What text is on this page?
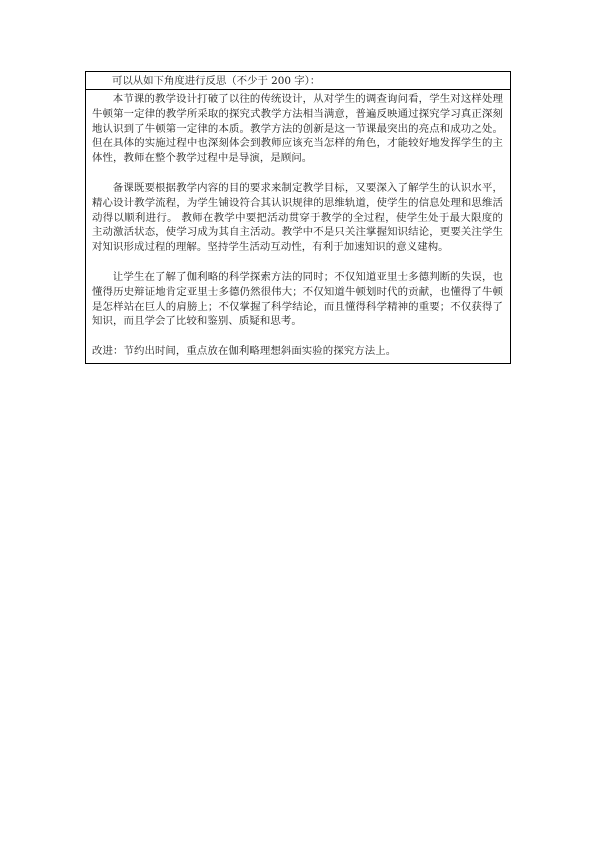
可以从如下角度进行反思（不少于 200 字）：

本节课的教学设计打破了以往的传统设计，从对学生的调查询问看，学生对这样处理牛顿第一定律的教学所采取的探究式教学方法相当满意，普遍反映通过探究学习真正深刻地认识到了牛顿第一定律的本质。教学方法的创新是这一节课最突出的亮点和成功之处。但在具体的实施过程中也深刻体会到教师应该充当怎样的角色，才能较好地发挥学生的主体性，教师在整个教学过程中是导演，是顾问。

备课既要根据教学内容的目的要求来制定教学目标，又要深入了解学生的认识水平，精心设计教学流程，为学生铺设符合其认识规律的思维轨道，使学生的信息处理和思维活动得以顺利进行。 教师在教学中要把活动贯穿于教学的全过程，使学生处于最大限度的主动激活状态，使学习成为其自主活动。教学中不是只关注掌握知识结论，更要关注学生对知识形成过程的理解。坚持学生活动互动性，有利于加速知识的意义建构。

让学生在了解了伽利略的科学探索方法的同时；不仅知道亚里士多德判断的失误，也懂得历史辩证地肯定亚里士多德仍然很伟大；不仅知道牛顿划时代的贡献，也懂得了牛顿是怎样站在巨人的肩膀上；不仅掌握了科学结论，而且懂得科学精神的重要；不仅获得了知识，而且学会了比较和鉴别、质疑和思考。

改进：节约出时间，重点放在伽利略理想斜面实验的探究方法上。
